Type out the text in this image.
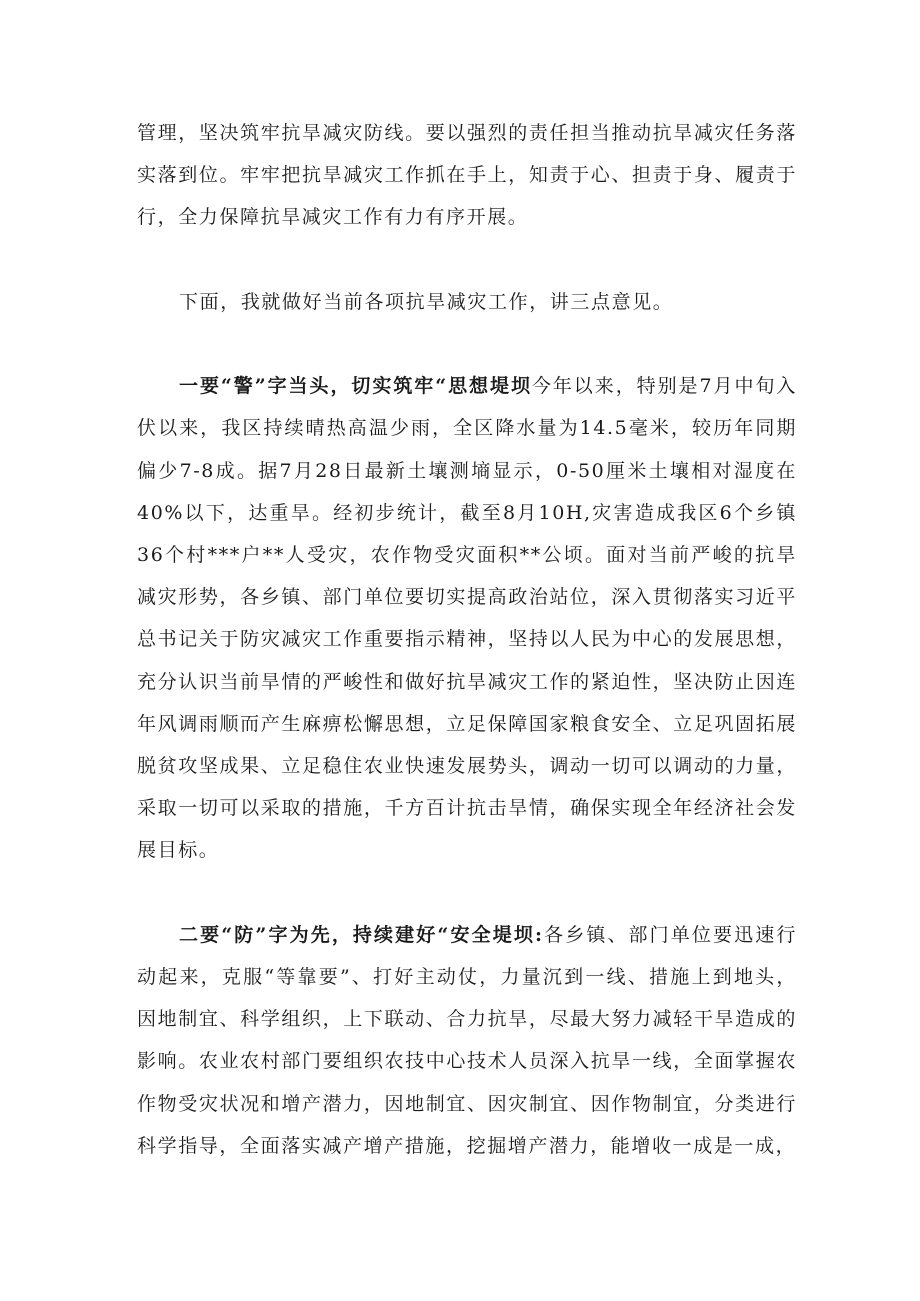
管理，坚决筑牢抗旱减灾防线。要以强烈的责任担当推动抗旱减灾任务落实落到位。牢牢把抗旱减灾工作抓在手上，知责于心、担责于身、履责于行，全力保障抗旱减灾工作有力有序开展。

下面，我就做好当前各项抗旱减灾工作，讲三点意见。

一要“警”字当头，切实筑牢“思想堤坝今年以来，特别是7月中旬入伏以来，我区持续晴热高温少雨，全区降水量为14.5毫米，较历年同期偏少7-8成。据7月28日最新土壤测墒显示，0-50厘米土壤相对湿度在40%以下，达重旱。经初步统计，截至8月10H,灾害造成我区6个乡镇36个村***户**人受灾，农作物受灾面积**公顷。面对当前严峻的抗旱减灾形势，各乡镇、部门单位要切实提高政治站位，深入贯彻落实习近平总书记关于防灾减灾工作重要指示精神，坚持以人民为中心的发展思想，充分认识当前旱情的严峻性和做好抗旱减灾工作的紧迫性，坚决防止因连年风调雨顺而产生麻痹松懈思想，立足保障国家粮食安全、立足巩固拓展脱贫攻坚成果、立足稳住农业快速发展势头，调动一切可以调动的力量，采取一切可以采取的措施，千方百计抗击旱情，确保实现全年经济社会发展目标。

二要“防”字为先，持续建好“安全堤坝:各乡镇、部门单位要迅速行动起来，克服“等靠要”、打好主动仗，力量沉到一线、措施上到地头，因地制宜、科学组织，上下联动、合力抗旱，尽最大努力减轻干旱造成的影响。农业农村部门要组织农技中心技术人员深入抗旱一线，全面掌握农作物受灾状况和增产潜力，因地制宜、因灾制宜、因作物制宜，分类进行科学指导，全面落实减产增产措施，挖掘增产潜力，能增收一成是一成，
